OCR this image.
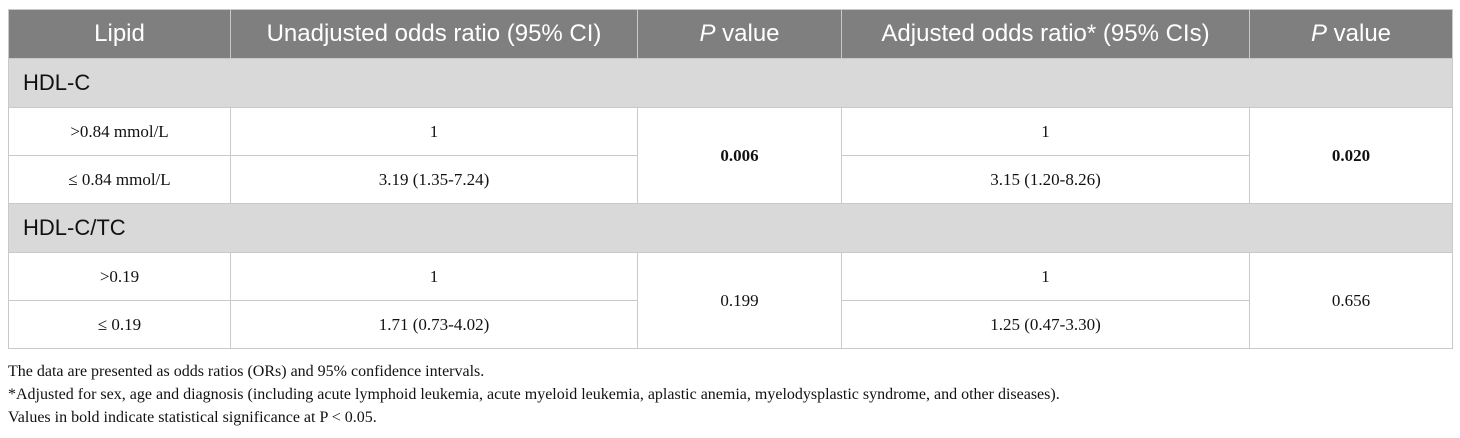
Lipid	Unadjusted odds ratio (95% CI)	P value	Adjusted odds ratio* (95% CIs)	P value
HDL-C				
>0.84 mmol/L	1	0.006	1	0.020
≤ 0.84 mmol/L	3.19 (1.35-7.24)		3.15 (1.20-8.26)	
HDL-C/TC				
>0.19	1	0.199	1	0.656
≤ 0.19	1.71 (0.73-4.02)		1.25 (0.47-3.30)	
The data are presented as odds ratios (ORs) and 95% confidence intervals.
*Adjusted for sex, age and diagnosis (including acute lymphoid leukemia, acute myeloid leukemia, aplastic anemia, myelodysplastic syndrome, and other diseases).
Values in bold indicate statistical significance at P < 0.05.
